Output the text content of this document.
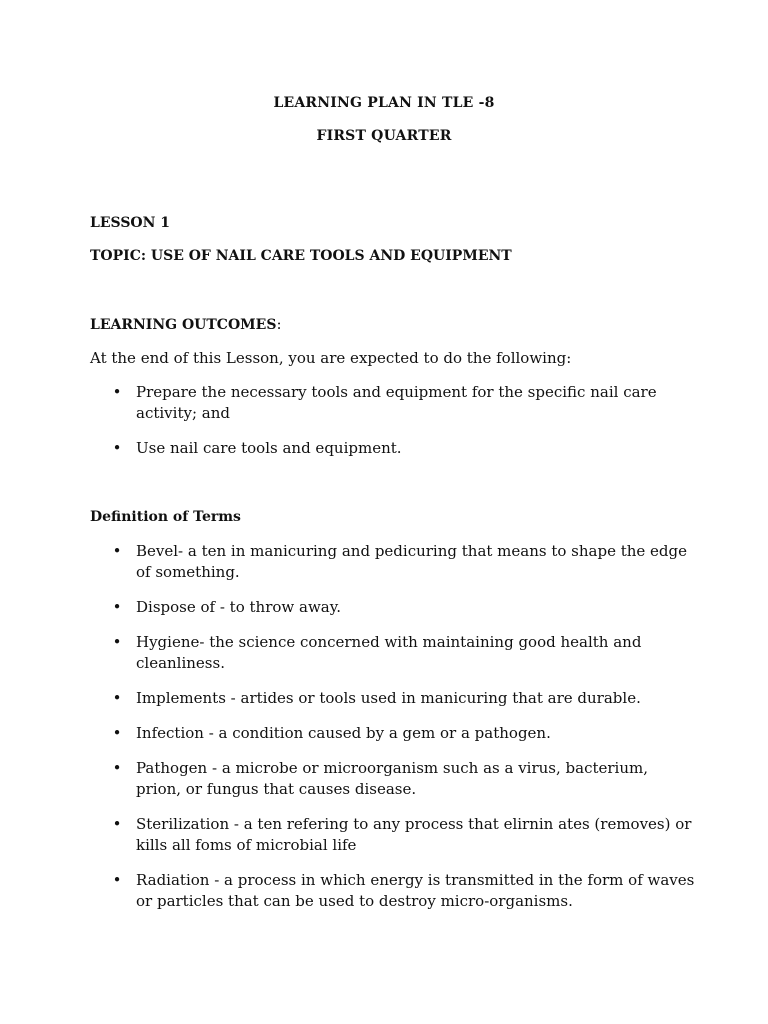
LEARNING PLAN IN TLE -8
FIRST QUARTER
LESSON 1
TOPIC: USE OF NAIL CARE TOOLS AND EQUIPMENT
LEARNING OUTCOMES:
At the end of this Lesson, you are expected to do the following:
• Prepare the necessary tools and equipment for the specific nail care activity; and
• Use nail care tools and equipment.
Definition of Terms
• Bevel- a ten in manicuring and pedicuring that means to shape the edge of something.
• Dispose of - to throw away.
• Hygiene- the science concerned with maintaining good health and cleanliness.
• Implements - artides or tools used in manicuring that are durable.
• Infection - a condition caused by a gem or a pathogen.
• Pathogen - a microbe or microorganism such as a virus, bacterium, prion, or fungus that causes disease.
• Sterilization - a ten refering to any process that elirnin ates (removes) or kills all foms of microbial life
• Radiation - a process in which energy is transmitted in the form of waves or particles that can be used to destroy micro-organisms.
